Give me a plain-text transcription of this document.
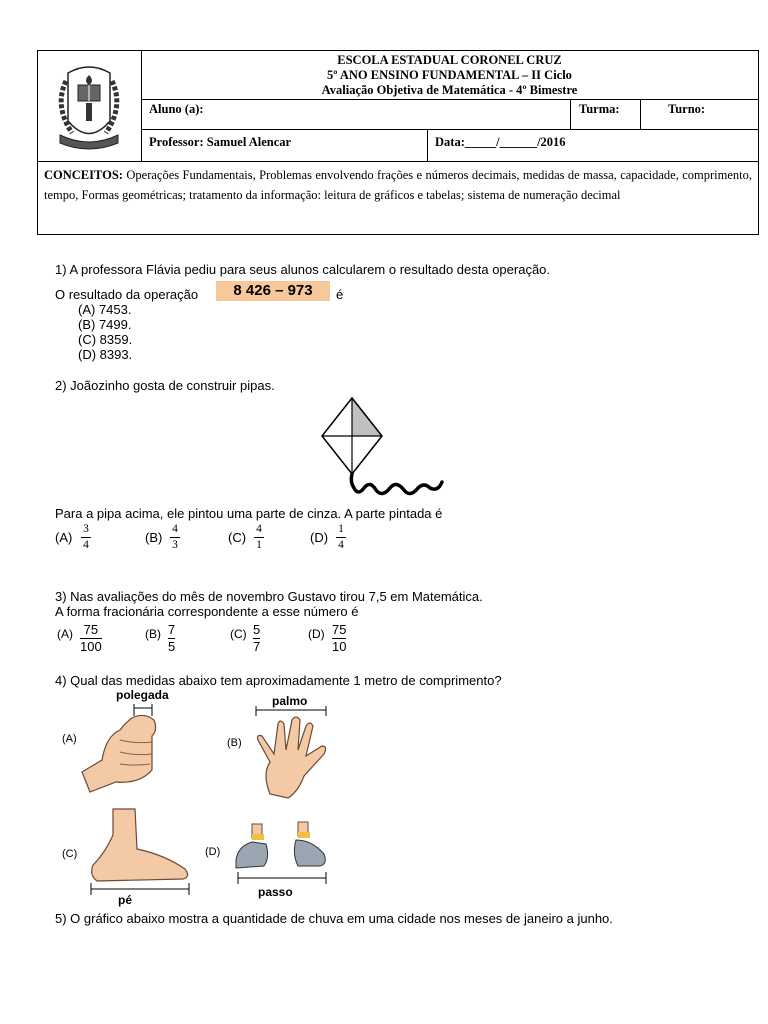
ESCOLA ESTADUAL CORONEL CRUZ
5º ANO ENSINO FUNDAMENTAL – II Ciclo
Avaliação Objetiva de Matemática - 4º Bimestre
Aluno (a):	Turma:	Turno:
Professor: Samuel Alencar	Data:_____/______/2016
CONCEITOS: Operações Fundamentais, Problemas envolvendo frações e números decimais, medidas de massa, capacidade, comprimento, tempo, Formas geométricas; tratamento da informação: leitura de gráficos e tabelas; sistema de numeração decimal
1) A professora Flávia pediu para seus alunos calcularem o resultado desta operação.
O resultado da operação	8 426 – 973	é
(A) 7453.
(B) 7499.
(C) 8359.
(D) 8393.
2) Joãozinho gosta de construir pipas.
Para a pipa acima, ele pintou uma parte de cinza. A parte pintada é
(A)
3
4	(B)
4
3	(C)
4
1	(D)
1
4
3) Nas avaliações do mês de novembro Gustavo tirou 7,5 em Matemática.
A forma fracionária correspondente a esse número é
(A) 75
100
(B) 7
5
(C) 5
7
(D) 75
10
4) Qual das medidas abaixo tem aproximadamente 1 metro de comprimento?
(A)
polegada
(B)
palmo
(C)
pé
(D)
passo
5) O gráfico abaixo mostra a quantidade de chuva em uma cidade nos meses de janeiro a junho.
